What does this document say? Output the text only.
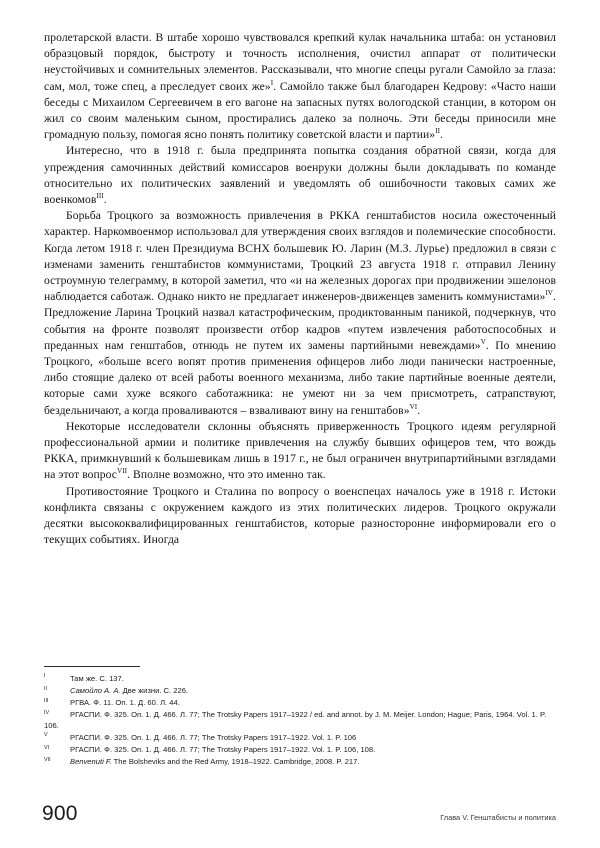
пролетарской власти. В штабе хорошо чувствовался крепкий кулак начальника штаба: он установил образцовый порядок, быстроту и точность исполнения, очистил аппарат от политически неустойчивых и сомнительных элементов. Рассказывали, что многие спецы ругали Самойло за глаза: сам, мол, тоже спец, а преследует своих же»$^I$. Самойло также был благодарен Кедрову: «Часто наши беседы с Михаилом Сергеевичем в его вагоне на запасных путях вологодской станции, в котором он жил со своим маленьким сыном, простирались далеко за полночь. Эти беседы приносили мне громадную пользу, помогая ясно понять политику советской власти и партии»$^{II}$.

Интересно, что в 1918 г. была предпринята попытка создания обратной связи, когда для упреждения самочинных действий комиссаров военруки должны были докладывать по команде относительно их политических заявлений и уведомлять об ошибочности таковых самих же военкомов$^{III}$.

Борьба Троцкого за возможность привлечения в РККА генштабистов носила ожесточенный характер. Наркомвоенмор использовал для утверждения своих взглядов и полемические способности. Когда летом 1918 г. член Президиума ВСНХ большевик Ю. Ларин (М.З. Лурье) предложил в связи с изменами заменить генштабистов коммунистами, Троцкий 23 августа 1918 г. отправил Ленину остроумную телеграмму, в которой заметил, что «и на железных дорогах при продвижении эшелонов наблюдается саботаж. Однако никто не предлагает инженеров-движенцев заменить коммунистами»$^{IV}$. Предложение Ларина Троцкий назвал катастрофическим, продиктованным паникой, подчеркнув, что события на фронте позволят произвести отбор кадров «путем извлечения работоспособных и преданных нам генштабов, отнюдь не путем их замены партийными невеждами»$^V$. По мнению Троцкого, «больше всего вопят против применения офицеров либо люди панически настроенные, либо стоящие далеко от всей работы военного механизма, либо такие партийные военные деятели, которые сами хуже всякого саботажника: не умеют ни за чем присмотреть, сатрапствуют, бездельничают, а когда проваливаются – взваливают вину на генштабов»$^{VI}$.

Некоторые исследователи склонны объяснять приверженность Троцкого идеям регулярной профессиональной армии и политике привлечения на службу бывших офицеров тем, что вождь РККА, примкнувший к большевикам лишь в 1917 г., не был ограничен внутрипартийными взглядами на этот вопрос$^{VII}$. Вполне возможно, что это именно так.

Противостояние Троцкого и Сталина по вопросу о военспецах началось уже в 1918 г. Истоки конфликта связаны с окружением каждого из этих политических лидеров. Троцкого окружали десятки высококвалифицированных генштабистов, которые разносторонне информировали его о текущих событиях. Иногда

I	Там же. С. 137.

II	Самойло А. А. Две жизни. С. 226.

III	РГВА. Ф. 11. Оп. 1. Д. 60. Л. 44.

IV	РГАСПИ. Ф. 325. Оп. 1. Д. 466. Л. 77; The Trotsky Papers 1917–1922 / ed. and annot. by J. M. Meijer. London; Hague; Paris, 1964. Vol. 1. P. 106.

V	РГАСПИ. Ф. 325. Оп. 1. Д. 466. Л. 77; The Trotsky Papers 1917–1922. Vol. 1. P. 106

VI	РГАСПИ. Ф. 325. Оп. 1. Д. 466. Л. 77; The Trotsky Papers 1917–1922. Vol. 1. P. 106, 108.

VII	Benvenuti F. The Bolsheviks and the Red Army, 1918–1922. Cambridge, 2008. P. 217.

900	Глава V. Генштабисты и политика
